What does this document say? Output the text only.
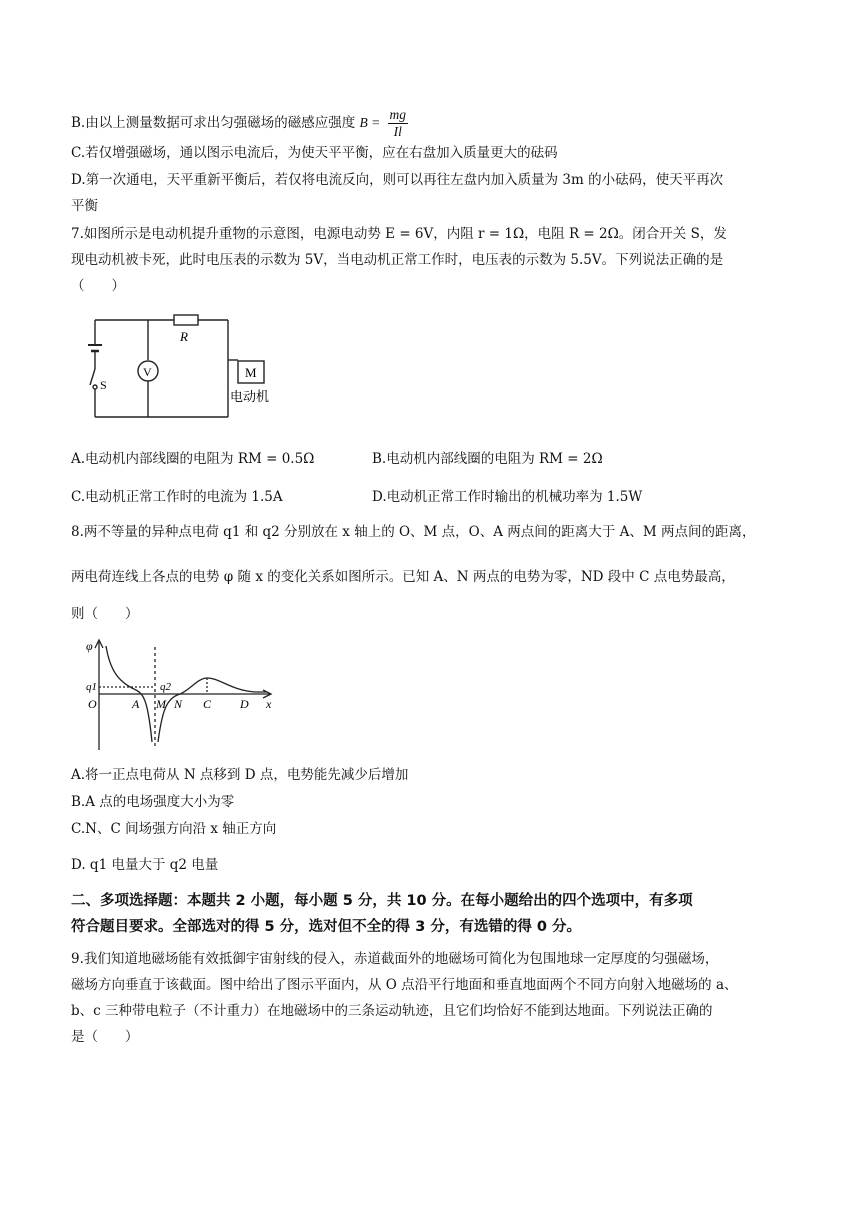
B.由以上测量数据可求出匀强磁场的磁感应强度 $B = \frac{mg}{Il}$
C.若仅增强磁场，通以图示电流后，为使天平平衡，应在右盘加入质量更大的砝码
D.第一次通电，天平重新平衡后，若仅将电流反向，则可以再往左盘内加入质量为 3m 的小砝码，使天平再次
平衡
7.如图所示是电动机提升重物的示意图，电源电动势 E = 6V，内阻 r = 1Ω，电阻 R = 2Ω。闭合开关 S，发
现电动机被卡死，此时电压表的示数为 5V，当电动机正常工作时，电压表的示数为 5.5V。下列说法正确的是
（　　）
R
V	M
S
电动机
A.电动机内部线圈的电阻为 RM = 0.5Ω	B.电动机内部线圈的电阻为 RM = 2Ω
C.电动机正常工作时的电流为 1.5A	D.电动机正常工作时输出的机械功率为 1.5W
8.两不等量的异种点电荷 q1 和 q2 分别放在 x 轴上的 O、M 点，O、A 两点间的距离大于 A、M 两点间的距离，
两电荷连线上各点的电势 φ 随 x 的变化关系如图所示。已知 A、N 两点的电势为零，ND 段中 C 点电势最高，
则（　　）
φ
x
q1	q2
O	A M N C D
A.将一正点电荷从 N 点移到 D 点，电势能先减少后增加
B.A 点的电场强度大小为零
C.N、C 间场强方向沿 x 轴正方向
D. q1 电量大于 q2 电量
二、多项选择题：本题共 2 小题，每小题 5 分，共 10 分。在每小题给出的四个选项中，有多项
符合题目要求。全部选对的得 5 分，选对但不全的得 3 分，有选错的得 0 分。
9.我们知道地磁场能有效抵御宇宙射线的侵入，赤道截面外的地磁场可简化为包围地球一定厚度的匀强磁场，
磁场方向垂直于该截面。图中给出了图示平面内，从 O 点沿平行地面和垂直地面两个不同方向射入地磁场的 a、
b、c 三种带电粒子（不计重力）在地磁场中的三条运动轨迹，且它们均恰好不能到达地面。下列说法正确的
是（　　）
